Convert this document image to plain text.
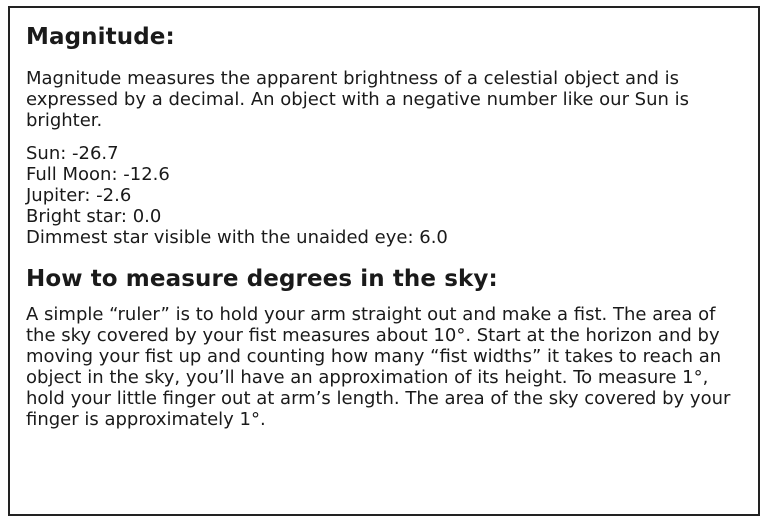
Magnitude:

Magnitude measures the apparent brightness of a celestial object and is expressed by a decimal. An object with a negative number like our Sun is brighter.

Sun: -26.7
Full Moon: -12.6
Jupiter: -2.6
Bright star: 0.0
Dimmest star visible with the unaided eye: 6.0
How to measure degrees in the sky:

A simple “ruler” is to hold your arm straight out and make a fist. The area of the sky covered by your fist measures about 10°. Start at the horizon and by moving your fist up and counting how many “fist widths” it takes to reach an object in the sky, you’ll have an approximation of its height. To measure 1°, hold your little finger out at arm’s length. The area of the sky covered by your finger is approximately 1°.
